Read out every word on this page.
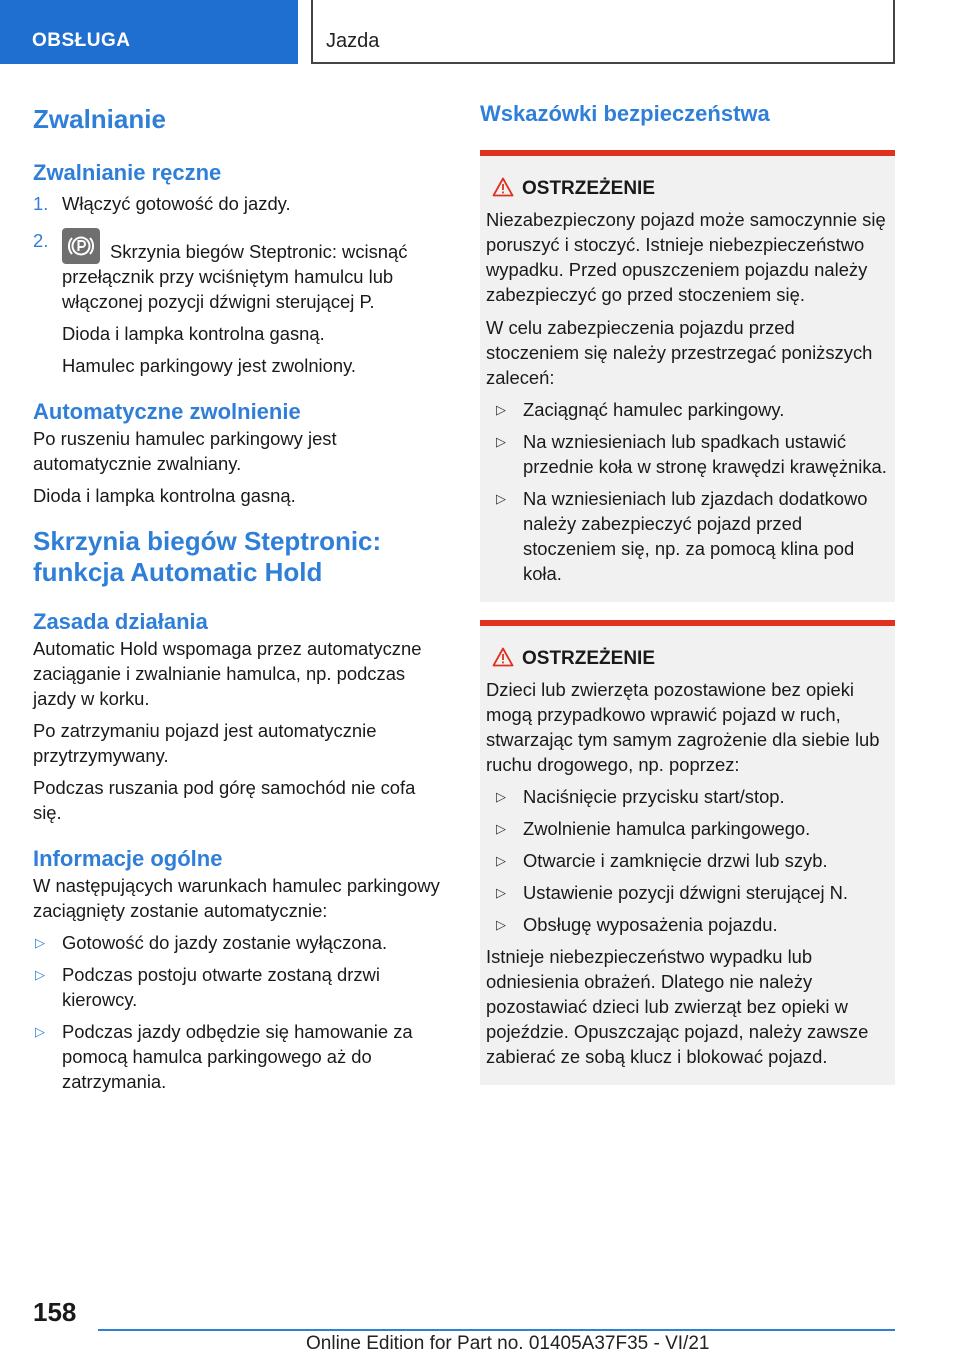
OBSŁUGA	Jazda
Zwalnianie
Zwalnianie ręczne
1. Włączyć gotowość do jazdy.
2.
Skrzynia biegów Steptronic: wcisnąć przełącznik przy wciśniętym hamulcu lub włączonej pozycji dźwigni sterującej P.
Dioda i lampka kontrolna gasną.
Hamulec parkingowy jest zwolniony.
Automatyczne zwolnienie

Po ruszeniu hamulec parkingowy jest automatycznie zwalniany.

Dioda i lampka kontrolna gasną.

Skrzynia biegów Steptronic: funkcja Automatic Hold
Zasada działania

Automatic Hold wspomaga przez automatyczne zaciąganie i zwalnianie hamulca, np. podczas jazdy w korku.

Po zatrzymaniu pojazd jest automatycznie przytrzymywany.

Podczas ruszania pod górę samochód nie cofa się.

Informacje ogólne

W następujących warunkach hamulec parkingowy zaciągnięty zostanie automatycznie:

▷ Gotowość do jazdy zostanie wyłączona.
▷ Podczas postoju otwarte zostaną drzwi kierowcy.
▷ Podczas jazdy odbędzie się hamowanie za pomocą hamulca parkingowego aż do zatrzymania.
Wskazówki bezpieczeństwa
OSTRZEŻENIE

Niezabezpieczony pojazd może samoczynnie się poruszyć i stoczyć. Istnieje niebezpieczeństwo wypadku. Przed opuszczeniem pojazdu należy zabezpieczyć go przed stoczeniem się.

W celu zabezpieczenia pojazdu przed stoczeniem się należy przestrzegać poniższych zaleceń:

▷ Zaciągnąć hamulec parkingowy.
▷ Na wzniesieniach lub spadkach ustawić przednie koła w stronę krawędzi krawężnika.
▷ Na wzniesieniach lub zjazdach dodatkowo należy zabezpieczyć pojazd przed stoczeniem się, np. za pomocą klina pod koła.
OSTRZEŻENIE

Dzieci lub zwierzęta pozostawione bez opieki mogą przypadkowo wprawić pojazd w ruch, stwarzając tym samym zagrożenie dla siebie lub ruchu drogowego, np. poprzez:

▷ Naciśnięcie przycisku start/stop.
▷ Zwolnienie hamulca parkingowego.
▷ Otwarcie i zamknięcie drzwi lub szyb.
▷ Ustawienie pozycji dźwigni sterującej N.
▷ Obsługę wyposażenia pojazdu.

Istnieje niebezpieczeństwo wypadku lub odniesienia obrażeń. Dlatego nie należy pozostawiać dzieci lub zwierząt bez opieki w pojeździe. Opuszczając pojazd, należy zawsze zabierać ze sobą klucz i blokować pojazd.

158
Online Edition for Part no. 01405A37F35 - VI/21
